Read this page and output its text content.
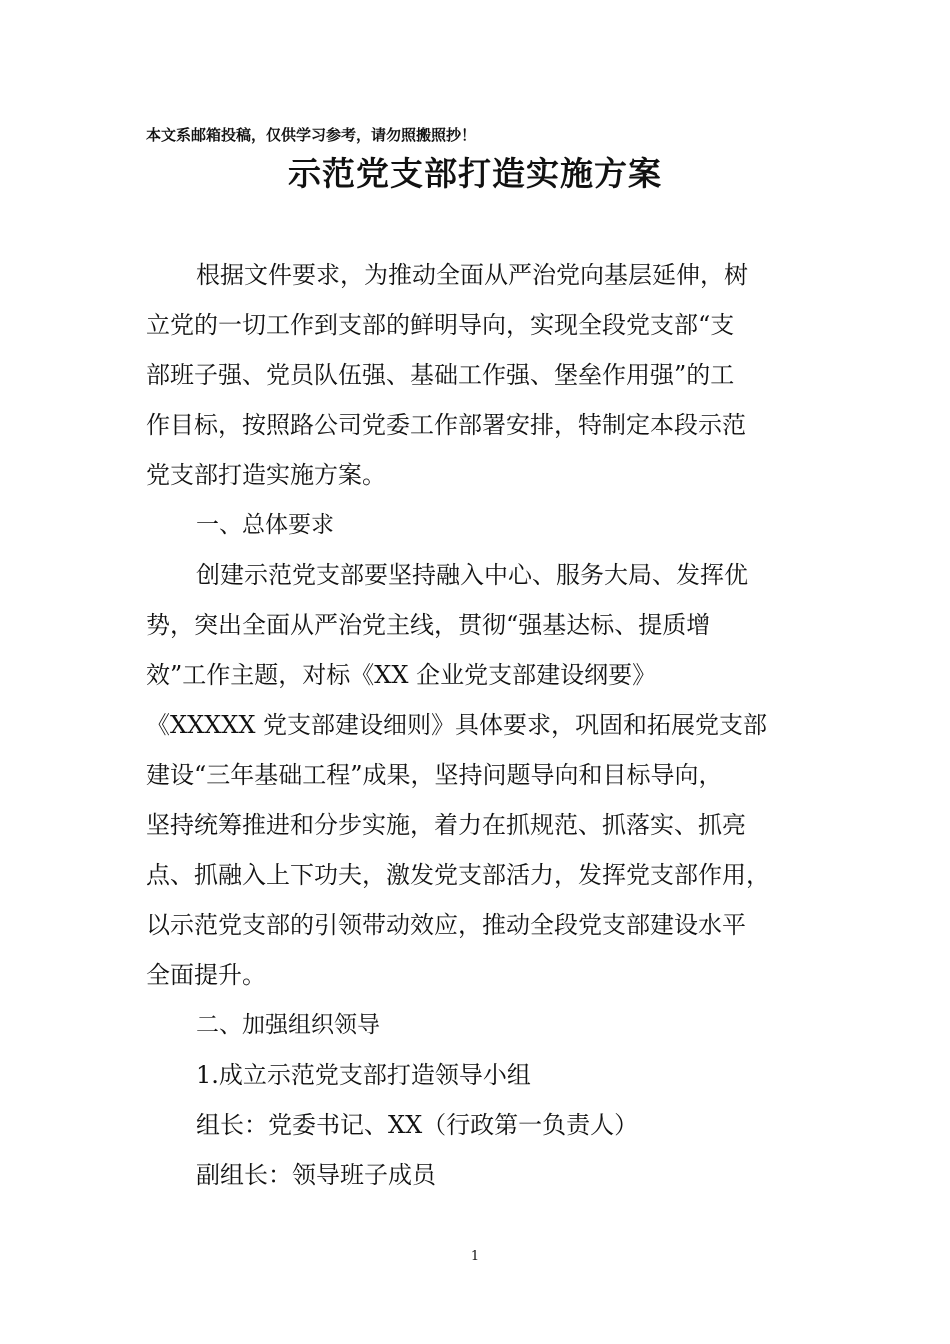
本文系邮箱投稿，仅供学习参考，请勿照搬照抄！
示范党支部打造实施方案
根据文件要求，为推动全面从严治党向基层延伸，树
立党的一切工作到支部的鲜明导向，实现全段党支部“支
部班子强、党员队伍强、基础工作强、堡垒作用强”的工
作目标，按照路公司党委工作部署安排，特制定本段示范
党支部打造实施方案。
一、总体要求
创建示范党支部要坚持融入中心、服务大局、发挥优
势，突出全面从严治党主线，贯彻“强基达标、提质增
效”工作主题，对标《XX 企业党支部建设纲要》
《XXXXX 党支部建设细则》具体要求，巩固和拓展党支部
建设“三年基础工程”成果，坚持问题导向和目标导向，
坚持统筹推进和分步实施，着力在抓规范、抓落实、抓亮
点、抓融入上下功夫，激发党支部活力，发挥党支部作用，
以示范党支部的引领带动效应，推动全段党支部建设水平
全面提升。
二、加强组织领导
1.成立示范党支部打造领导小组
组长：党委书记、XX（行政第一负责人）
副组长：领导班子成员
1
